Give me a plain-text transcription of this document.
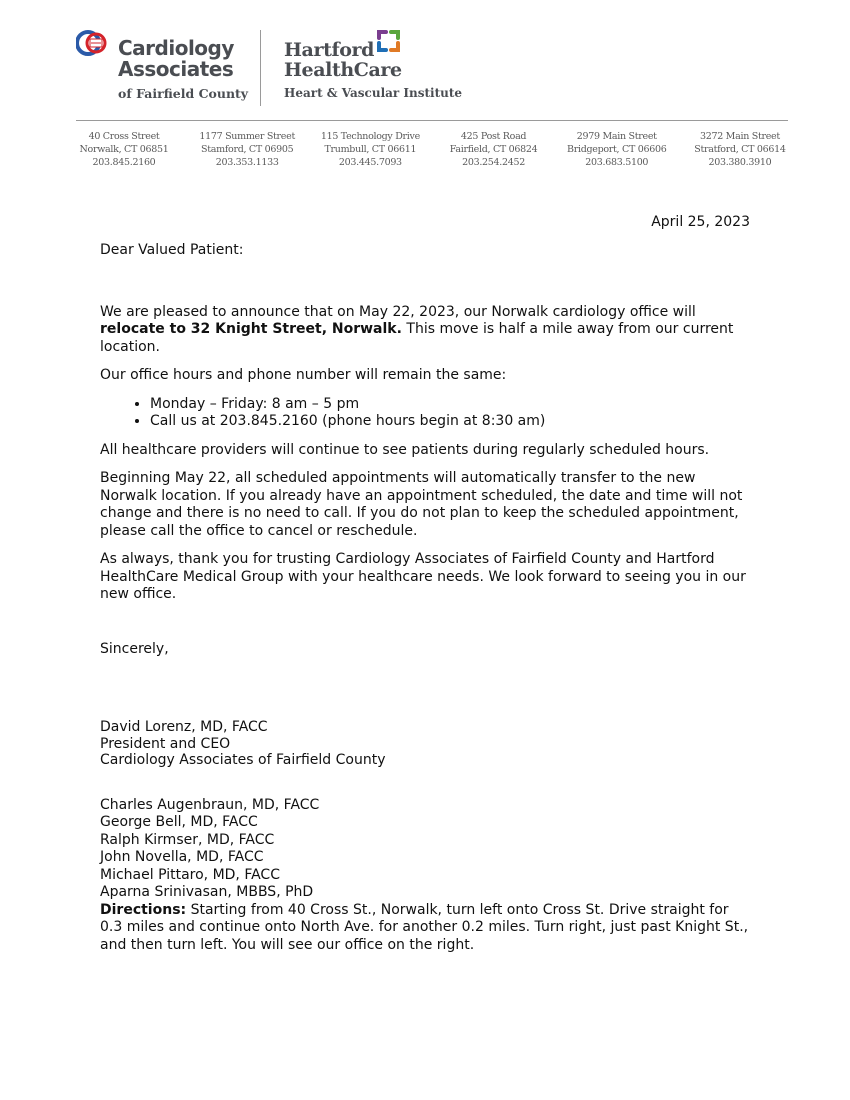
Cardiology
Associates
of Fairfield County
Hartford
HealthCare
Heart & Vascular Institute
40 Cross Street
Norwalk, CT 06851
203.845.2160
1177 Summer Street
Stamford, CT 06905
203.353.1133
115 Technology Drive
Trumbull, CT 06611
203.445.7093
425 Post Road
Fairfield, CT 06824
203.254.2452
2979 Main Street
Bridgeport, CT 06606
203.683.5100
3272 Main Street
Stratford, CT 06614
203.380.3910
April 25, 2023
Dear Valued Patient:

We are pleased to announce that on May 22, 2023, our Norwalk cardiology office will relocate to 32 Knight Street, Norwalk. This move is half a mile away from our current location.

Our office hours and phone number will remain the same:

• Monday – Friday: 8 am – 5 pm
• Call us at 203.845.2160 (phone hours begin at 8:30 am)

All healthcare providers will continue to see patients during regularly scheduled hours.

Beginning May 22, all scheduled appointments will automatically transfer to the new Norwalk location. If you already have an appointment scheduled, the date and time will not change and there is no need to call. If you do not plan to keep the scheduled appointment, please call the office to cancel or reschedule.

As always, thank you for trusting Cardiology Associates of Fairfield County and Hartford HealthCare Medical Group with your healthcare needs. We look forward to seeing you in our new office.

Sincerely,

David Lorenz, MD, FACC
President and CEO
Cardiology Associates of Fairfield County
Charles Augenbraun, MD, FACC
George Bell, MD, FACC
Ralph Kirmser, MD, FACC
John Novella, MD, FACC
Michael Pittaro, MD, FACC
Aparna Srinivasan, MBBS, PhD

Directions: Starting from 40 Cross St., Norwalk, turn left onto Cross St. Drive straight for 0.3 miles and continue onto North Ave. for another 0.2 miles. Turn right, just past Knight St., and then turn left. You will see our office on the right.
